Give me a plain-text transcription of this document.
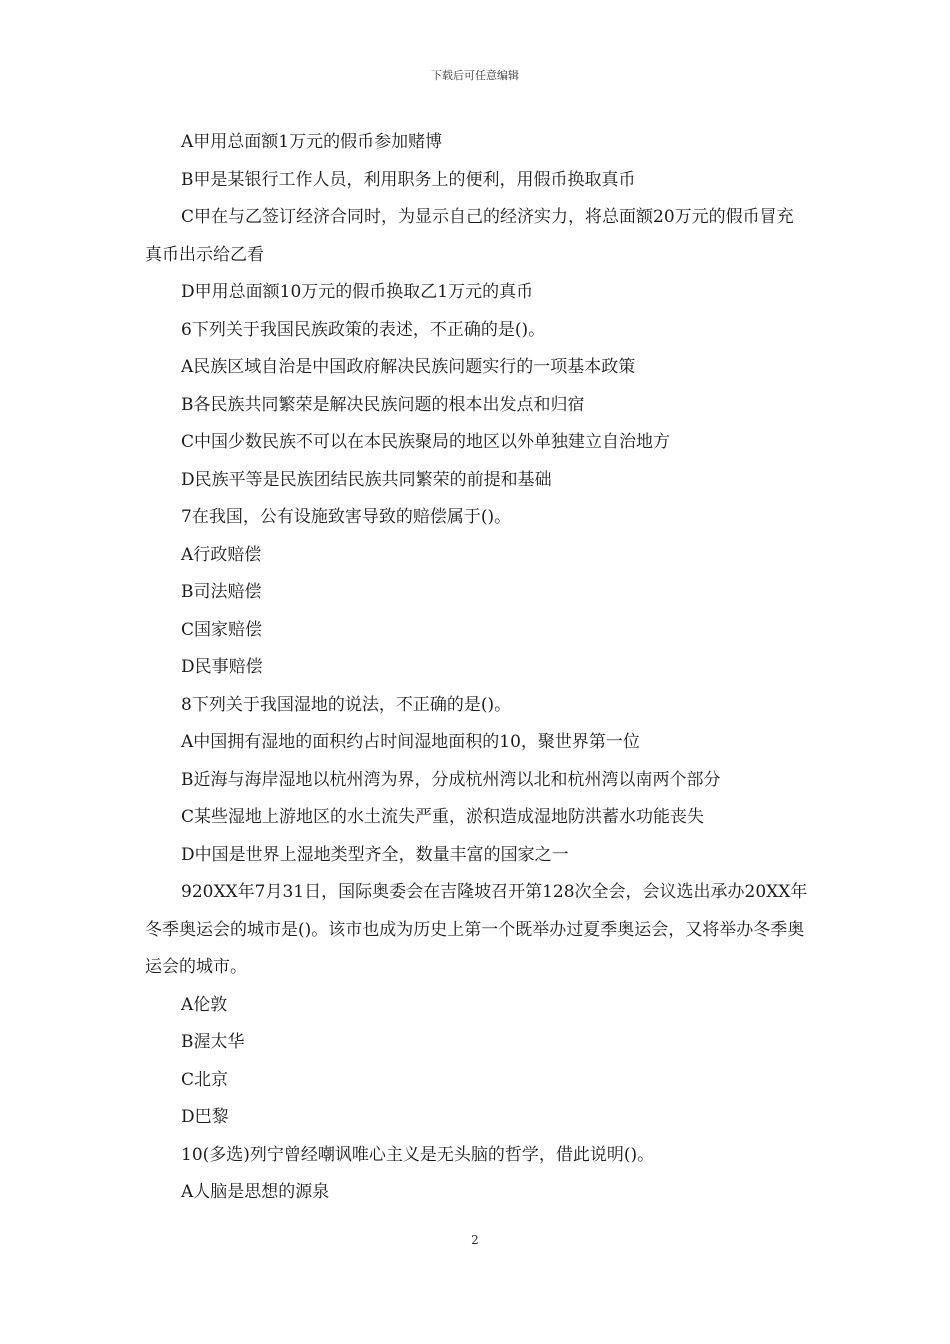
下载后可任意编辑

A甲用总面额1万元的假币参加赌博

B甲是某银行工作人员，利用职务上的便利，用假币换取真币

C甲在与乙签订经济合同时，为显示自己的经济实力，将总面额20万元的假币冒充真币出示给乙看

D甲用总面额10万元的假币换取乙1万元的真币

6下列关于我国民族政策的表述，不正确的是()。

A民族区域自治是中国政府解决民族问题实行的一项基本政策

B各民族共同繁荣是解决民族问题的根本出发点和归宿

C中国少数民族不可以在本民族聚局的地区以外单独建立自治地方

D民族平等是民族团结民族共同繁荣的前提和基础

7在我国，公有设施致害导致的赔偿属于()。

A行政赔偿

B司法赔偿

C国家赔偿

D民事赔偿

8下列关于我国湿地的说法，不正确的是()。

A中国拥有湿地的面积约占时间湿地面积的10，聚世界第一位

B近海与海岸湿地以杭州湾为界，分成杭州湾以北和杭州湾以南两个部分

C某些湿地上游地区的水土流失严重，淤积造成湿地防洪蓄水功能丧失

D中国是世界上湿地类型齐全，数量丰富的国家之一

920XX年7月31日，国际奥委会在吉隆坡召开第128次全会，会议选出承办20XX年冬季奥运会的城市是()。该市也成为历史上第一个既举办过夏季奥运会，又将举办冬季奥运会的城市。

A伦敦

B渥太华

C北京

D巴黎

10(多选)列宁曾经嘲讽唯心主义是无头脑的哲学，借此说明()。

A人脑是思想的源泉

2
